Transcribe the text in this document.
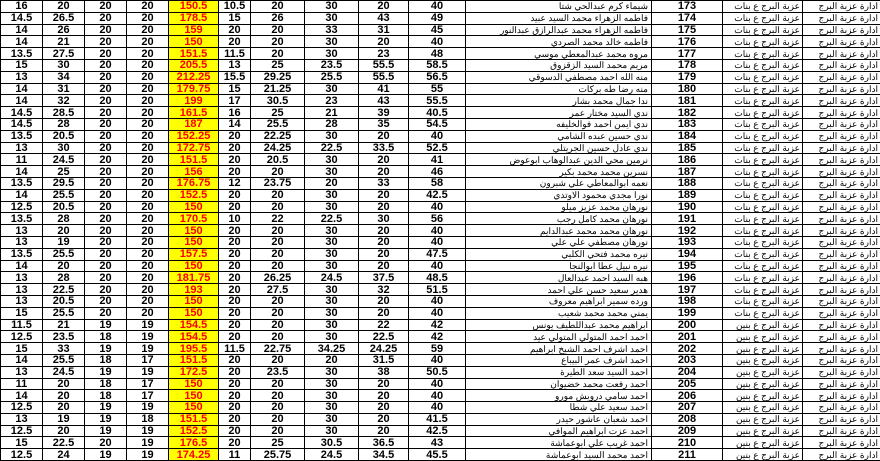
16	20	20	20	150.5	10.5	20	30	20	40	شيماء كرم عبدالحي شتا	173	عزبة البرج ع بنات	ادارة عزبة البرج
14.5	26.5	20	20	178.5	15	26	30	43	49	فاطمه الزهراء محمد السيد عبيد	174	عزبة البرج ع بنات	ادارة عزبة البرج
14	26	20	20	159	20	20	33	31	45	فاطمه الزهراء محمد عبدالرازق عبدالنور	175	عزبة البرج ع بنات	ادارة عزبة البرج
14	21	20	20	150	20	20	30	20	40	فاطمه خالد محمد الصردي	176	عزبة البرج ع بنات	ادارة عزبة البرج
13.5	27.5	20	20	151.5	11.5	20	30	23	48	مروه محمد عبدالمعطي موسي	177	عزبة البرج ع بنات	ادارة عزبة البرج
15	30	20	20	205.5	13	25	23.5	55.5	58.5	مريم محمد السيد الزقزوق	178	عزبة البرج ع بنات	ادارة عزبة البرج
13	34	20	20	212.25	15.5	29.25	25.5	55.5	56.5	منه الله احمد مصطفي الدسوقي	179	عزبة البرج ع بنات	ادارة عزبة البرج
14	31	20	20	179.75	15	21.25	30	41	55	منه رضا طه بركات	180	عزبة البرج ع بنات	ادارة عزبة البرج
14	32	20	20	199	17	30.5	23	43	55.5	ندا جمال محمد بشار	181	عزبة البرج ع بنات	ادارة عزبة البرج
14.5	28.5	20	20	161.5	16	25	21	39	40.5	ندي السيد مختار عمر	182	عزبة البرج ع بنات	ادارة عزبة البرج
14.5	28	20	20	187	14	25.5	28	35	54.5	ندي ايمن احمد فوالخليفه	183	عزبة البرج ع بنات	ادارة عزبة البرج
13.5	20.5	20	20	152.25	20	22.25	30	20	40	ندي حسين عبده الشامي	184	عزبة البرج ع بنات	ادارة عزبة البرج
13	30	20	20	172.75	20	24.25	22.5	33.5	52.5	ندي عادل حسين الجريتلي	185	عزبة البرج ع بنات	ادارة عزبة البرج
11	24.5	20	20	151.5	20	20.5	30	20	41	نرمين محي الدين عبدالوهاب ابوعوض	186	عزبة البرج ع بنات	ادارة عزبة البرج
14	25	20	20	156	20	20	30	20	46	نسرين محمد محمد بكير	187	عزبة البرج ع بنات	ادارة عزبة البرج
13.5	29.5	20	20	176.75	12	23.75	20	33	58	نعمه ابوالمعاطي علي شبرون	188	عزبة البرج ع بنات	ادارة عزبة البرج
14	25.5	20	20	152.5	20	20	30	20	42.5	نورا مجدي محمود الاوتدي	189	عزبة البرج ع بنات	ادارة عزبة البرج
12.5	20.5	20	20	150	20	20	30	20	40	نورهان محمد عزيز ميلو	190	عزبة البرج ع بنات	ادارة عزبة البرج
13.5	28	20	20	170.5	10	22	22.5	30	56	نورهان محمد كامل رجب	191	عزبة البرج ع بنات	ادارة عزبة البرج
13	20	20	20	150	20	20	30	20	40	نورهان محمد محمد عبدالدايم	192	عزبة البرج ع بنات	ادارة عزبة البرج
13	19	20	20	150	20	20	30	20	40	نورهان مصطفي علي علي	193	عزبة البرج ع بنات	ادارة عزبة البرج
13.5	25.5	20	20	157.5	20	20	30	20	47.5	نيره محمد فتحي الكلبي	194	عزبة البرج ع بنات	ادارة عزبة البرج
14	20	20	20	150	20	20	30	20	40	نيره نبيل عطا ابوالنجا	195	عزبة البرج ع بنات	ادارة عزبة البرج
13	28	20	20	181.75	20	26.25	24.5	37.5	48.5	هبه السيد احمد عبدالعال	196	عزبة البرج ع بنات	ادارة عزبة البرج
13	22.5	20	20	193	20	27.5	30	32	51.5	هدير سعيد حسن علي احمد	197	عزبة البرج ع بنات	ادارة عزبة البرج
13	20.5	20	20	150	20	20	30	20	40	ورده سمير ابراهيم معروف	198	عزبة البرج ع بنات	ادارة عزبة البرج
15	25.5	20	20	150	20	20	30	20	40	يمني محمد محمد شعيب	199	عزبة البرج ع بنات	ادارة عزبة البرج
11.5	21	19	19	154.5	20	20	30	22	42	ابراهيم محمد عبداللطيف يونس	200	عزبة البرج ع بنين	ادارة عزبة البرج
12.5	23.5	18	19	154.5	20	20	30	22.5	42	احمد احمد المتولي المتولي عيد	201	عزبة البرج ع بنين	ادارة عزبة البرج
15	33	19	19	195.5	11.5	22.75	34.25	24.25	59	احمد اشرف احمد الشيخ ابراهيم	202	عزبة البرج ع بنين	ادارة عزبة البرج
14	25.5	18	17	151.5	20	20	20	31.5	40	احمد اشرف عمر البيباع	203	عزبة البرج ع بنين	ادارة عزبة البرج
13	24.5	19	19	172.5	20	23.5	30	38	50.5	احمد السيد سعد الطيرة	204	عزبة البرج ع بنين	ادارة عزبة البرج
11	20	18	17	150	20	20	30	20	40	احمد رفعت محمد خضيوان	205	عزبة البرج ع بنين	ادارة عزبة البرج
14	20	18	17	150	20	20	30	20	40	احمد سامي درويش مورو	206	عزبة البرج ع بنين	ادارة عزبة البرج
12.5	20	19	19	150	20	20	30	20	40	احمد سعيد علي شطا	207	عزبة البرج ع بنين	ادارة عزبة البرج
13	19	19	18	151.5	20	20	30	20	41.5	احمد شعبان عاشور حيدر	208	عزبة البرج ع بنين	ادارة عزبة البرج
12.5	20	19	19	152.5	20	20	30	20	42.5	احمد عزت ابراهيم الموافي	209	عزبة البرج ع بنين	ادارة عزبة البرج
15	22.5	20	19	176.5	20	25	30.5	36.5	43	احمد غريب علي ابوعماشة	210	عزبة البرج ع بنين	ادارة عزبة البرج
12.5	24	19	19	174.25	11	25.75	24.5	34.5	45.5	احمد محمد السيد ابوعماشة	211	عزبة البرج ع بنين	ادارة عزبة البرج
